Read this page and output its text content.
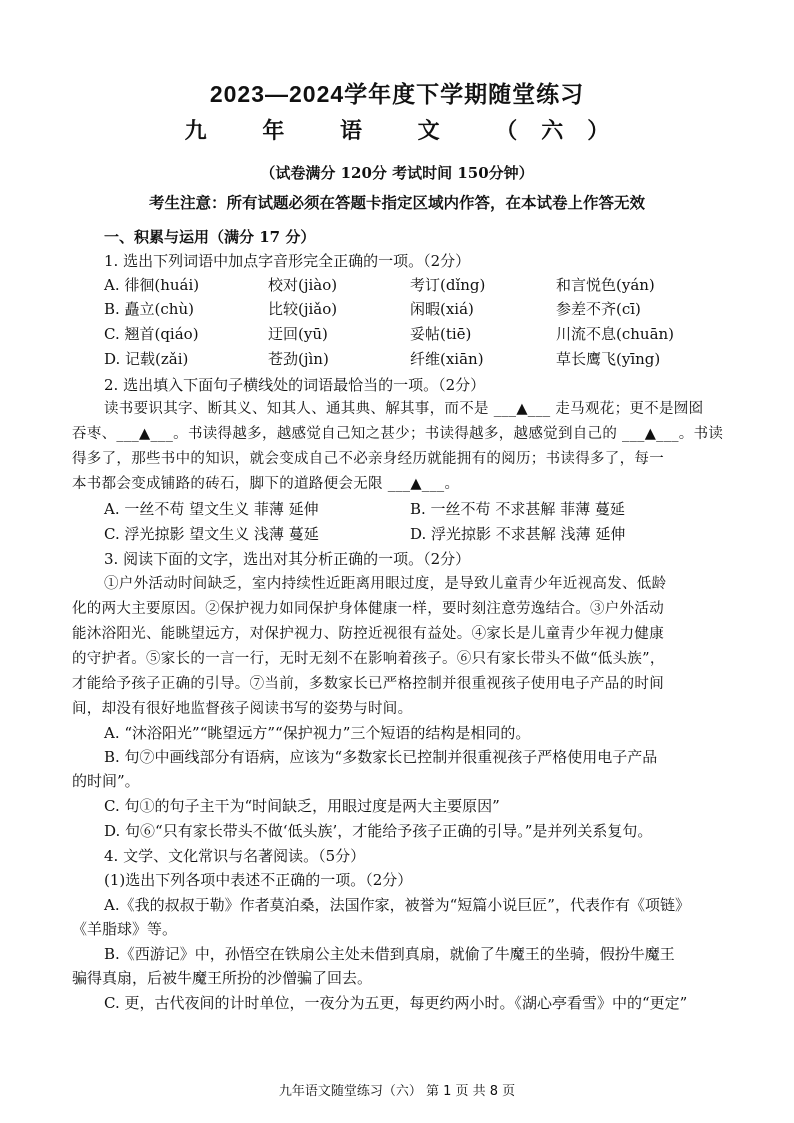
2023—2024学年度下学期随堂练习
九 年 语 文 （六）
（试卷满分 120分 考试时间 150分钟）
考生注意：所有试题必须在答题卡指定区域内作答，在本试卷上作答无效
一、积累与运用（满分 17 分）
1. 选出下列词语中加点字音形完全正确的一项。（2分）
A. 徘徊(huái)	校对(jiào)	考订(dǐng)	和言悦色(yán)
B. 矗立(chù)	比较(jiǎo)	闲暇(xiá)	参差不齐(cī)
C. 翘首(qiáo)	迂回(yū)	妥帖(tiē)	川流不息(chuān)
D. 记载(zǎi)	苍劲(jìn)	纤维(xiān)	草长鹰飞(yīng)
2. 选出填入下面句子横线处的词语最恰当的一项。（2分）
读书要识其字、断其义、知其人、通其典、解其事，而不是 ___▲___ 走马观花；更不是囫囵
吞枣、___▲___。书读得越多，越感觉自己知之甚少；书读得越多，越感觉到自己的 ___▲___。书读
得多了，那些书中的知识，就会变成自己不必亲身经历就能拥有的阅历；书读得多了，每一
本书都会变成铺路的砖石，脚下的道路便会无限 ___▲___。
A. 一丝不苟 望文生义 菲薄 延伸	B. 一丝不苟 不求甚解 菲薄 蔓延
C. 浮光掠影 望文生义 浅薄 蔓延	D. 浮光掠影 不求甚解 浅薄 延伸
3. 阅读下面的文字，选出对其分析正确的一项。（2分）
①户外活动时间缺乏，室内持续性近距离用眼过度，是导致儿童青少年近视高发、低龄
化的两大主要原因。②保护视力如同保护身体健康一样，要时刻注意劳逸结合。③户外活动
能沐浴阳光、能眺望远方，对保护视力、防控近视很有益处。④家长是儿童青少年视力健康
的守护者。⑤家长的一言一行，无时无刻不在影响着孩子。⑥只有家长带头不做“低头族”，
才能给予孩子正确的引导。⑦当前，多数家长已严格控制并很重视孩子使用电子产品的时间
间，却没有很好地监督孩子阅读书写的姿势与时间。
A. “沐浴阳光”“眺望远方”“保护视力”三个短语的结构是相同的。
B. 句⑦中画线部分有语病，应该为“多数家长已控制并很重视孩子严格使用电子产品
的时间”。
C. 句①的句子主干为“时间缺乏，用眼过度是两大主要原因”
D. 句⑥“只有家长带头不做‘低头族’，才能给予孩子正确的引导。”是并列关系复句。
4. 文学、文化常识与名著阅读。（5分）
(1)选出下列各项中表述不正确的一项。（2分）
A.《我的叔叔于勒》作者莫泊桑，法国作家，被誉为“短篇小说巨匠”，代表作有《项链》
《羊脂球》等。
B.《西游记》中，孙悟空在铁扇公主处未借到真扇，就偷了牛魔王的坐骑，假扮牛魔王
骗得真扇，后被牛魔王所扮的沙僧骗了回去。
C. 更，古代夜间的计时单位，一夜分为五更，每更约两小时。《湖心亭看雪》中的“更定”
九年语文随堂练习（六） 第 1 页 共 8 页
